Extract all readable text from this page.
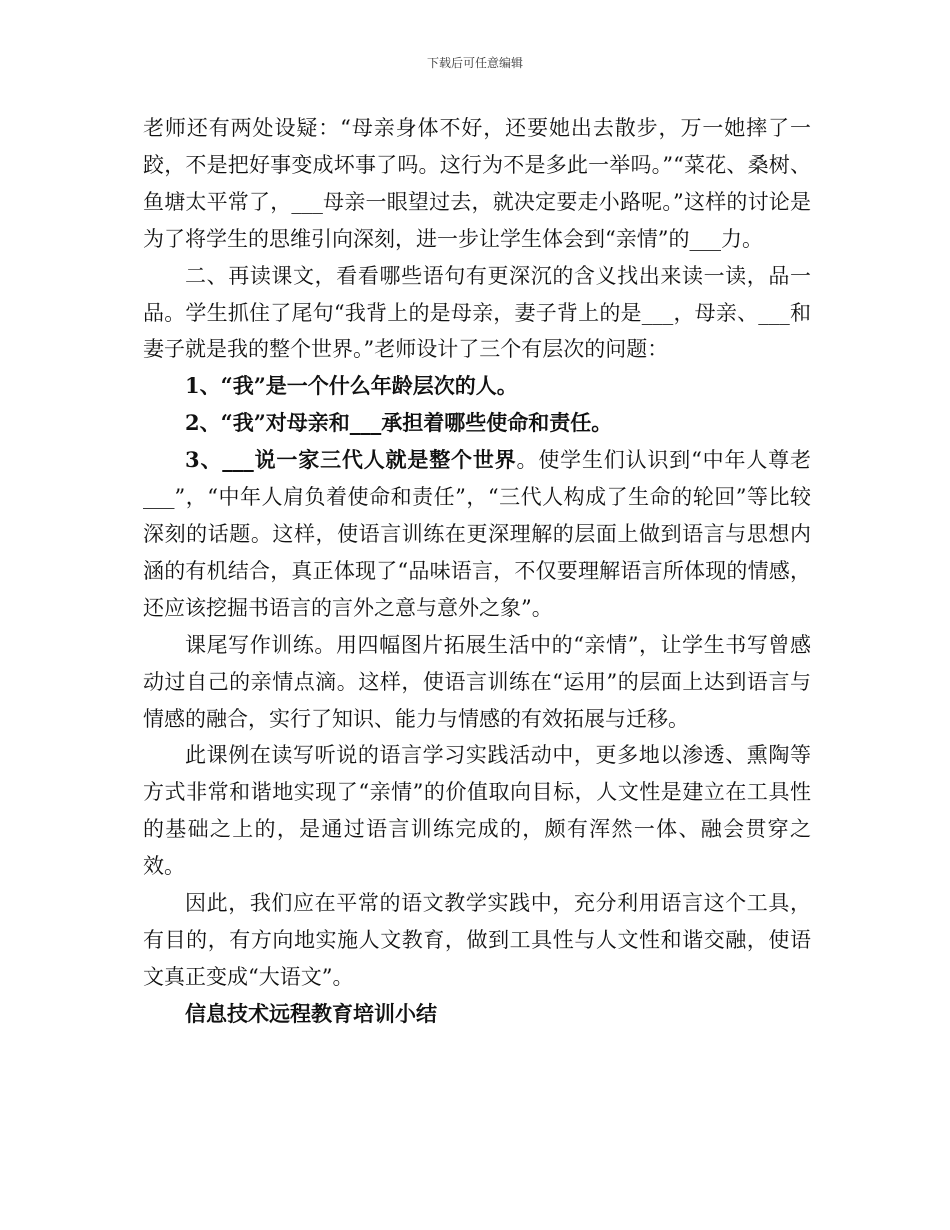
下载后可任意编辑

老师还有两处设疑：“母亲身体不好，还要她出去散步，万一她摔了一跤，不是把好事变成坏事了吗。这行为不是多此一举吗。”“菜花、桑树、鱼塘太平常了，___母亲一眼望过去，就决定要走小路呢。”这样的讨论是为了将学生的思维引向深刻，进一步让学生体会到“亲情”的___力。

二、再读课文，看看哪些语句有更深沉的含义找出来读一读，品一品。学生抓住了尾句“我背上的是母亲，妻子背上的是___，母亲、___和妻子就是我的整个世界。”老师设计了三个有层次的问题：

1、“我”是一个什么年龄层次的人。

2、“我”对母亲和___承担着哪些使命和责任。

3、___说一家三代人就是整个世界。使学生们认识到“中年人尊老___”，“中年人肩负着使命和责任”，“三代人构成了生命的轮回”等比较深刻的话题。这样，使语言训练在更深理解的层面上做到语言与思想内涵的有机结合，真正体现了“品味语言，不仅要理解语言所体现的情感，还应该挖掘书语言的言外之意与意外之象”。

课尾写作训练。用四幅图片拓展生活中的“亲情”，让学生书写曾感动过自己的亲情点滴。这样，使语言训练在“运用”的层面上达到语言与情感的融合，实行了知识、能力与情感的有效拓展与迁移。

此课例在读写听说的语言学习实践活动中，更多地以渗透、熏陶等方式非常和谐地实现了“亲情”的价值取向目标，人文性是建立在工具性的基础之上的，是通过语言训练完成的，颇有浑然一体、融会贯穿之效。

因此，我们应在平常的语文教学实践中，充分利用语言这个工具，有目的，有方向地实施人文教育，做到工具性与人文性和谐交融，使语文真正变成“大语文”。

信息技术远程教育培训小结
